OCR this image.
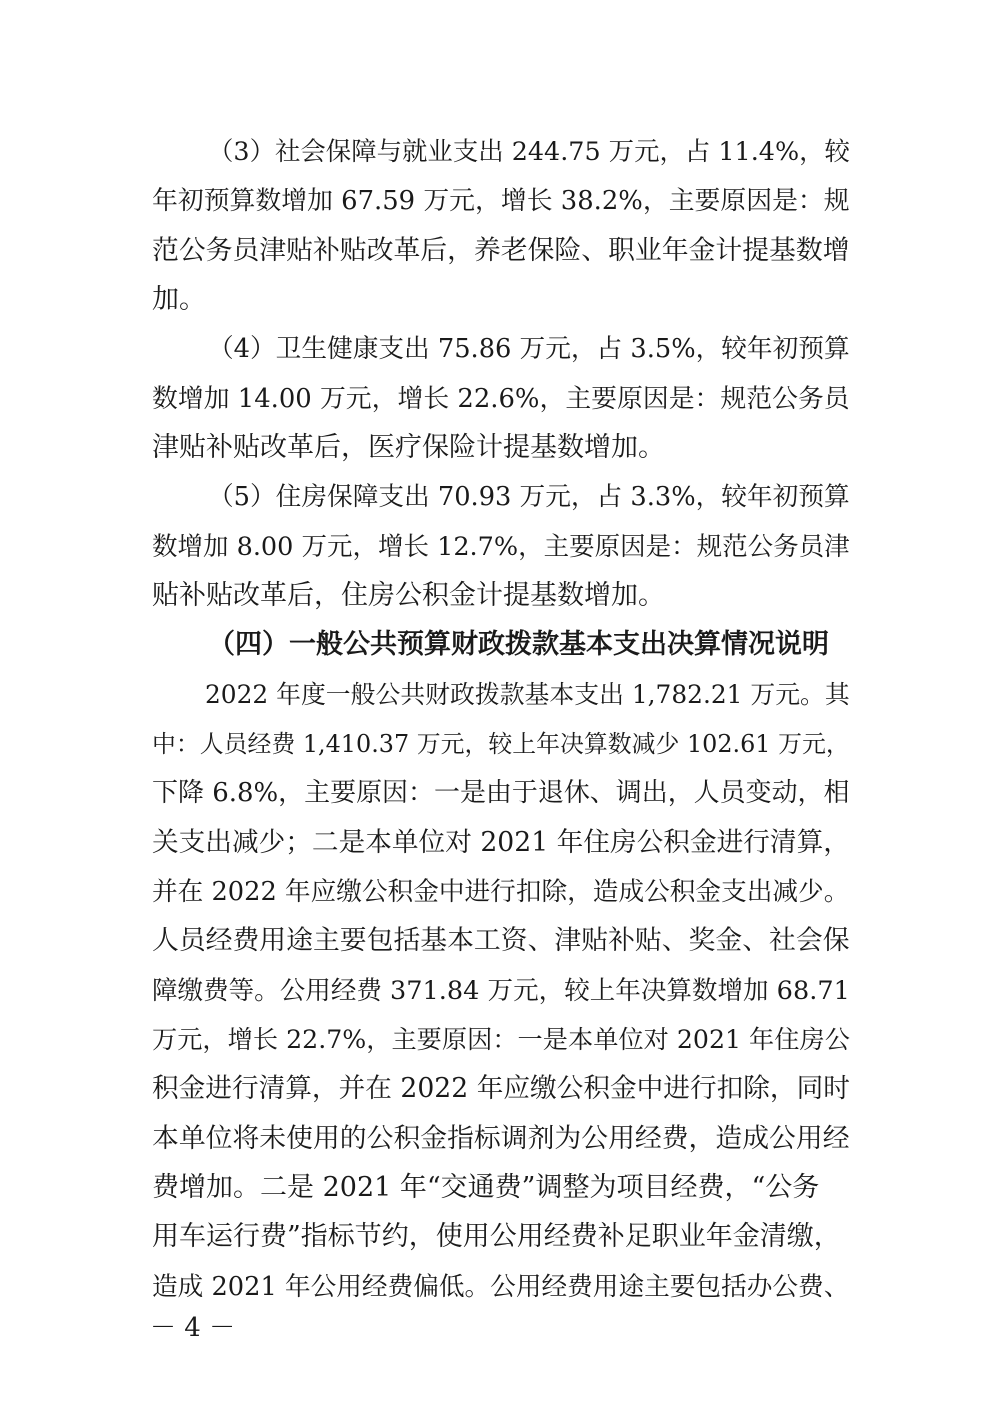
（3）社会保障与就业支出 244.75 万元，占 11.4%，较
年初预算数增加 67.59 万元，增长 38.2%，主要原因是：规
范公务员津贴补贴改革后，养老保险、职业年金计提基数增
加。
（4）卫生健康支出 75.86 万元，占 3.5%，较年初预算
数增加 14.00 万元，增长 22.6%，主要原因是：规范公务员
津贴补贴改革后，医疗保险计提基数增加。
（5）住房保障支出 70.93 万元，占 3.3%，较年初预算
数增加 8.00 万元，增长 12.7%，主要原因是：规范公务员津
贴补贴改革后，住房公积金计提基数增加。
（四）一般公共预算财政拨款基本支出决算情况说明
2022 年度一般公共财政拨款基本支出 1,782.21 万元。其
中：人员经费 1,410.37 万元，较上年决算数减少 102.61 万元，
下降 6.8%，主要原因：一是由于退休、调出，人员变动，相
关支出减少；二是本单位对 2021 年住房公积金进行清算，
并在 2022 年应缴公积金中进行扣除，造成公积金支出减少。
人员经费用途主要包括基本工资、津贴补贴、奖金、社会保
障缴费等。公用经费 371.84 万元，较上年决算数增加 68.71
万元，增长 22.7%，主要原因：一是本单位对 2021 年住房公
积金进行清算，并在 2022 年应缴公积金中进行扣除，同时
本单位将未使用的公积金指标调剂为公用经费，造成公用经
费增加。二是 2021 年“交通费”调整为项目经费，“公务
用车运行费”指标节约，使用公用经费补足职业年金清缴，
造成 2021 年公用经费偏低。公用经费用途主要包括办公费、
－ 4 －
